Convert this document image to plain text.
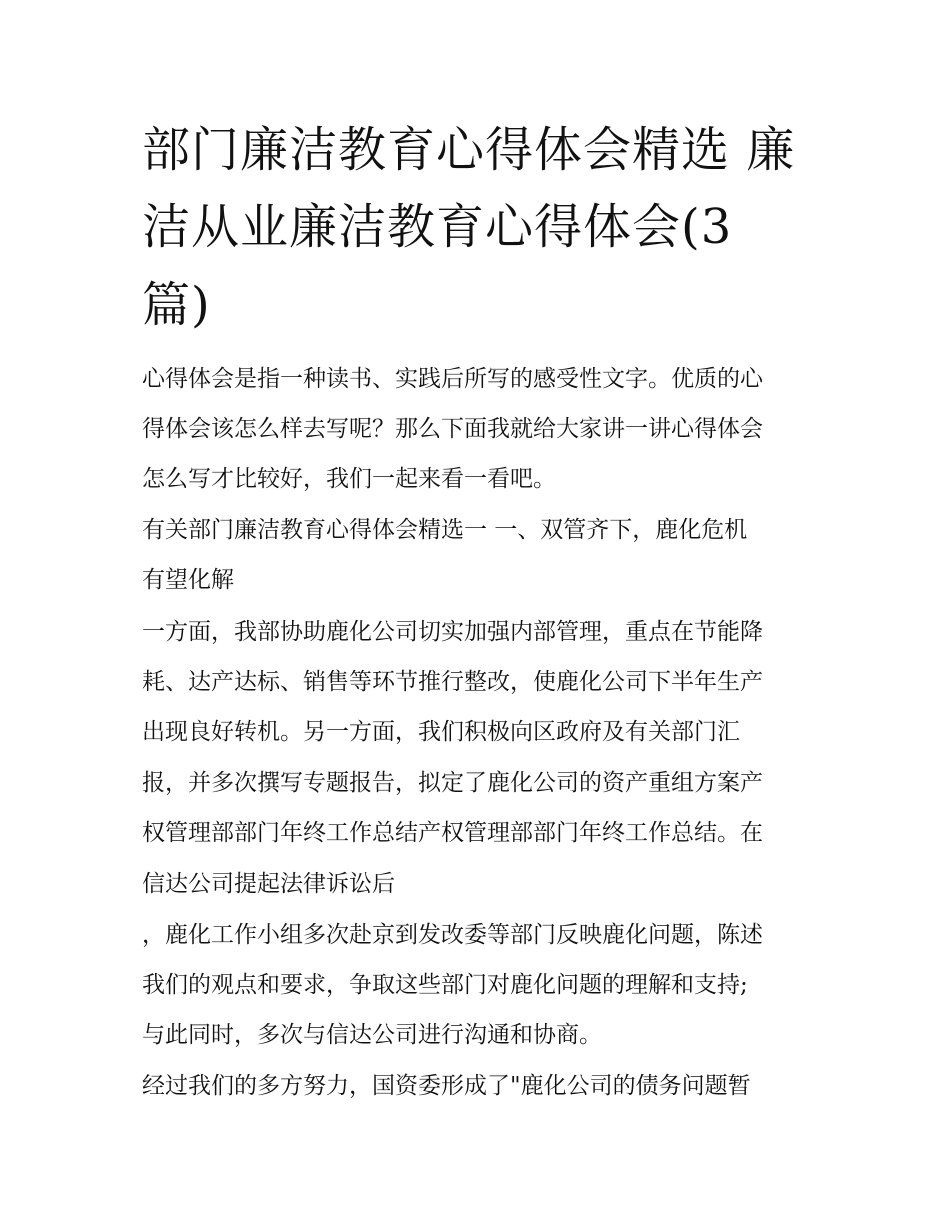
部门廉洁教育心得体会精选 廉
洁从业廉洁教育心得体会(3
篇)
心得体会是指一种读书、实践后所写的感受性文字。优质的心
得体会该怎么样去写呢？那么下面我就给大家讲一讲心得体会
怎么写才比较好，我们一起来看一看吧。
有关部门廉洁教育心得体会精选一 一、双管齐下，鹿化危机
有望化解
一方面，我部协助鹿化公司切实加强内部管理，重点在节能降
耗、达产达标、销售等环节推行整改，使鹿化公司下半年生产
出现良好转机。另一方面，我们积极向区政府及有关部门汇
报，并多次撰写专题报告，拟定了鹿化公司的资产重组方案产
权管理部部门年终工作总结产权管理部部门年终工作总结。在
信达公司提起法律诉讼后
，鹿化工作小组多次赴京到发改委等部门反映鹿化问题，陈述
我们的观点和要求，争取这些部门对鹿化问题的理解和支持;
与此同时，多次与信达公司进行沟通和协商。
经过我们的多方努力，国资委形成了"鹿化公司的债务问题暂
